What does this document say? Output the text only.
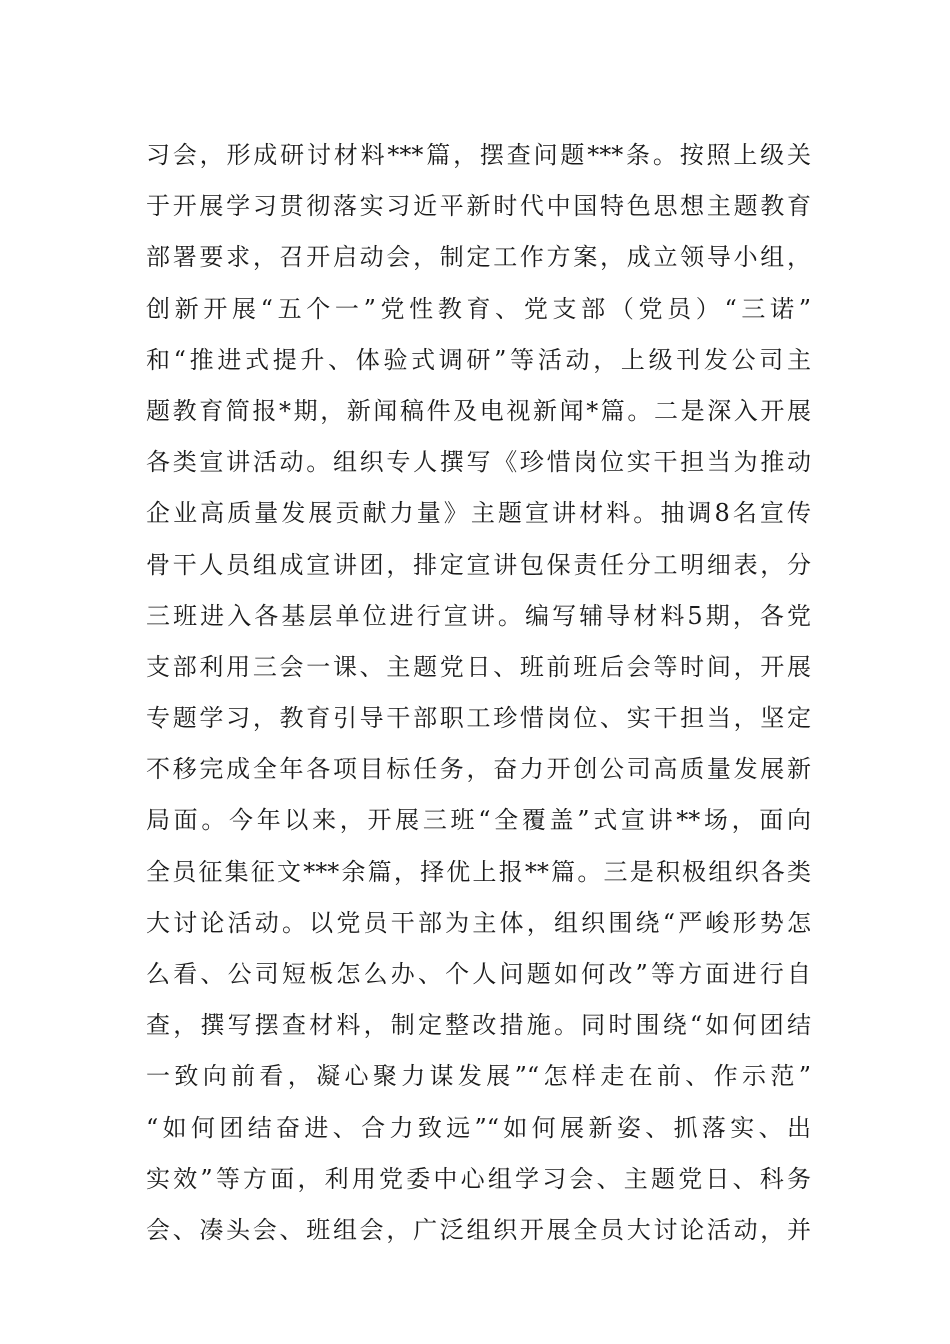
习会，形成研讨材料***篇，摆查问题***条。按照上级关
于开展学习贯彻落实习近平新时代中国特色思想主题教育
部署要求，召开启动会，制定工作方案，成立领导小组，
创新开展“五个一”党性教育、党支部（党员）“三诺”
和“推进式提升、体验式调研”等活动，上级刊发公司主
题教育简报*期，新闻稿件及电视新闻*篇。二是深入开展
各类宣讲活动。组织专人撰写《珍惜岗位实干担当为推动
企业高质量发展贡献力量》主题宣讲材料。抽调8名宣传
骨干人员组成宣讲团，排定宣讲包保责任分工明细表，分
三班进入各基层单位进行宣讲。编写辅导材料5期，各党
支部利用三会一课、主题党日、班前班后会等时间，开展
专题学习，教育引导干部职工珍惜岗位、实干担当，坚定
不移完成全年各项目标任务，奋力开创公司高质量发展新
局面。今年以来，开展三班“全覆盖”式宣讲**场，面向
全员征集征文***余篇，择优上报**篇。三是积极组织各类
大讨论活动。以党员干部为主体，组织围绕“严峻形势怎
么看、公司短板怎么办、个人问题如何改”等方面进行自
查，撰写摆查材料，制定整改措施。同时围绕“如何团结
一致向前看，凝心聚力谋发展”“怎样走在前、作示范”
“如何团结奋进、合力致远”“如何展新姿、抓落实、出
实效”等方面，利用党委中心组学习会、主题党日、科务
会、凑头会、班组会，广泛组织开展全员大讨论活动，并
